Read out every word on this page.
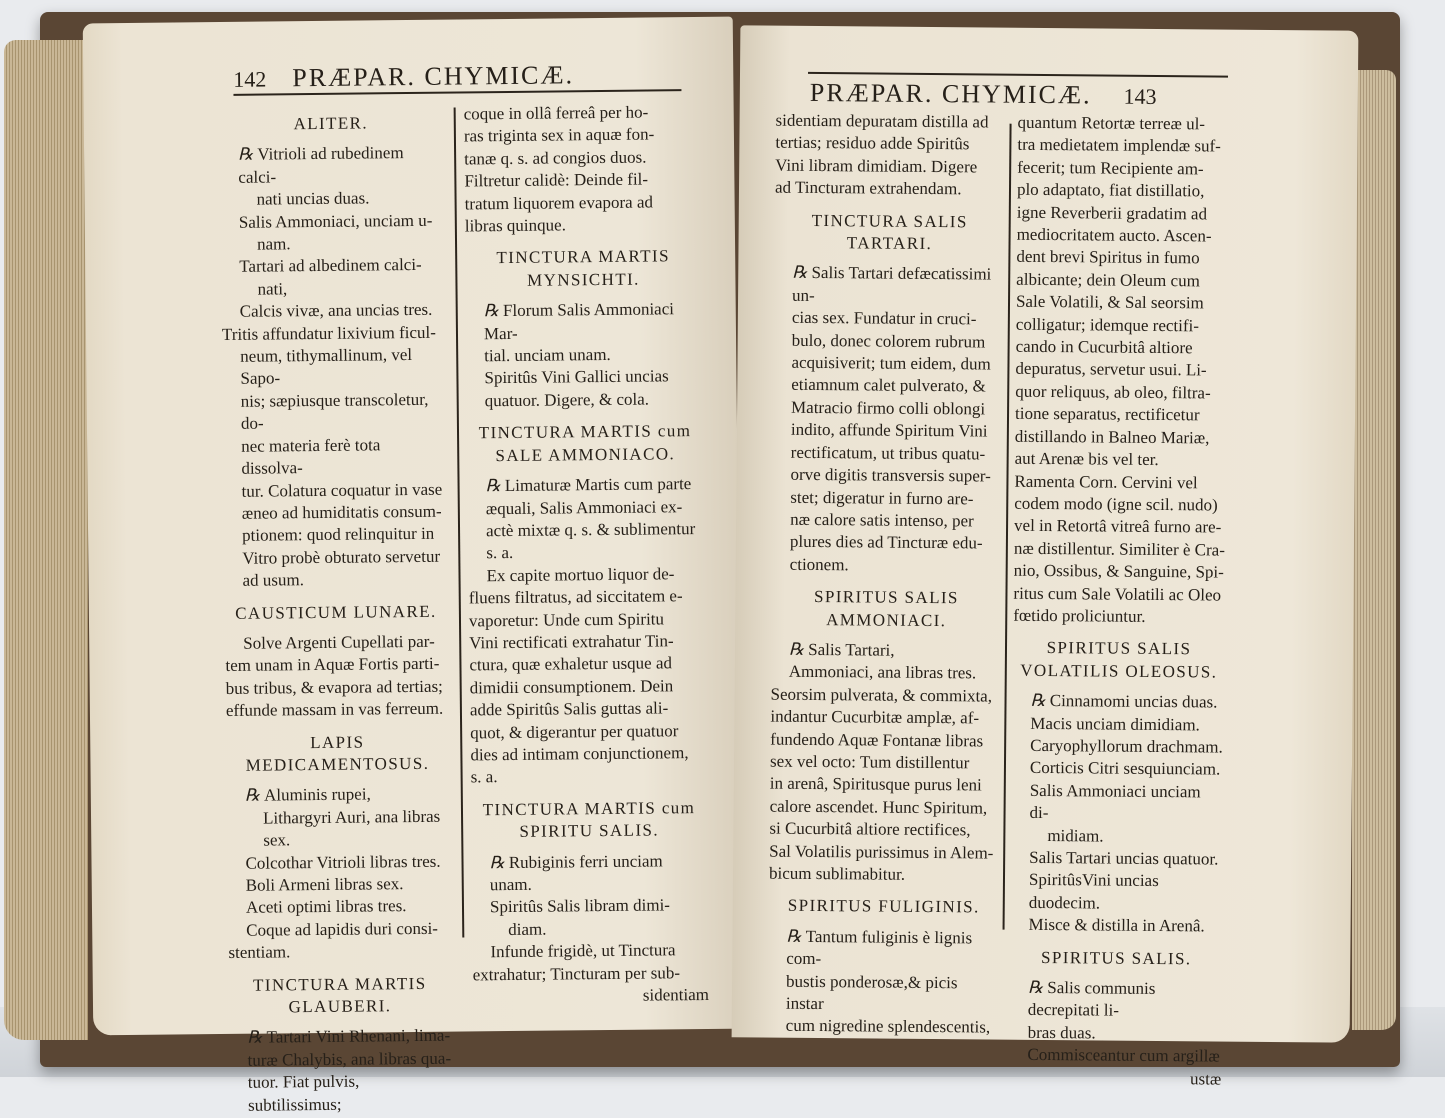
142 PRÆPAR. CHYMICÆ.

ALITER.

℞ Vitrioli ad rubedinem calci-

nati uncias duas.

Salis Ammoniaci, unciam u-

nam.

Tartari ad albedinem calci-

nati,

Calcis vivæ, ana uncias tres.

Tritis affundatur lixivium ficul-

neum, tithymallinum, vel Sapo-

nis; sæpiusque transcoletur, do-

nec materia ferè tota dissolva-

tur. Colatura coquatur in vase

æneo ad humiditatis consum-

ptionem: quod relinquitur in

Vitro probè obturato servetur

ad usum.

CAUSTICUM LUNARE.

Solve Argenti Cupellati par-

tem unam in Aquæ Fortis parti-

bus tribus, & evapora ad tertias;

effunde massam in vas ferreum.

LAPIS MEDICAMENTOSUS.

℞ Aluminis rupei,

Lithargyri Auri, ana libras

sex.

Colcothar Vitrioli libras tres.

Boli Armeni libras sex.

Aceti optimi libras tres.

Coque ad lapidis duri consi-

stentiam.

TINCTURA MARTIS GLAUBERI.

℞ Tartari Vini Rhenani, lima-

turæ Chalybis, ana libras qua-

tuor. Fiat pulvis, subtilissimus;

coque in ollâ ferreâ per ho-

ras triginta sex in aquæ fon-

tanæ q. s. ad congios duos.

Filtretur calidè: Deinde fil-

tratum liquorem evapora ad

libras quinque.

TINCTURA MARTIS MYNSICHTI.

℞ Florum Salis Ammoniaci Mar-

tial. unciam unam.

Spiritûs Vini Gallici uncias

quatuor. Digere, & cola.

TINCTURA MARTIS cum SALE AMMONIACO.

℞ Limaturæ Martis cum parte

æquali, Salis Ammoniaci ex-

actè mixtæ q. s. & sublimentur

s. a.

Ex capite mortuo liquor de-

fluens filtratus, ad siccitatem e-

vaporetur: Unde cum Spiritu

Vini rectificati extrahatur Tin-

ctura, quæ exhaletur usque ad

dimidii consumptionem. Dein

adde Spiritûs Salis guttas ali-

quot, & digerantur per quatuor

dies ad intimam conjunctionem,

s. a.

TINCTURA MARTIS cum SPIRITU SALIS.

℞ Rubiginis ferri unciam unam.

Spiritûs Salis libram dimi-

diam.

Infunde frigidè, ut Tinctura

extrahatur; Tincturam per sub-

sidentiam

PRÆPAR. CHYMICÆ. 143

sidentiam depuratam distilla ad

tertias; residuo adde Spiritûs

Vini libram dimidiam. Digere

ad Tincturam extrahendam.

TINCTURA SALIS TARTARI.

℞ Salis Tartari defæcatissimi un-

cias sex. Fundatur in cruci-

bulo, donec colorem rubrum

acquisiverit; tum eidem, dum

etiamnum calet pulverato, &

Matracio firmo colli oblongi

indito, affunde Spiritum Vini

rectificatum, ut tribus quatu-

orve digitis transversis super-

stet; digeratur in furno are-

næ calore satis intenso, per

plures dies ad Tincturæ edu-

ctionem.

SPIRITUS SALIS AMMONIACI.

℞ Salis Tartari,

Ammoniaci, ana libras tres.

Seorsim pulverata, & commixta,

indantur Cucurbitæ amplæ, af-

fundendo Aquæ Fontanæ libras

sex vel octo: Tum distillentur

in arenâ, Spiritusque purus leni

calore ascendet. Hunc Spiritum,

si Cucurbitâ altiore rectifices,

Sal Volatilis purissimus in Alem-

bicum sublimabitur.

SPIRITUS FULIGINIS.

℞ Tantum fuliginis è lignis com-

bustis ponderosæ,& picis instar

cum nigredine splendescentis,

quantum Retortæ terreæ ul-

tra medietatem implendæ suf-

fecerit; tum Recipiente am-

plo adaptato, fiat distillatio,

igne Reverberii gradatim ad

mediocritatem aucto. Ascen-

dent brevi Spiritus in fumo

albicante; dein Oleum cum

Sale Volatili, & Sal seorsim

colligatur; idemque rectifi-

cando in Cucurbitâ altiore

depuratus, servetur usui. Li-

quor reliquus, ab oleo, filtra-

tione separatus, rectificetur

distillando in Balneo Mariæ,

aut Arenæ bis vel ter.

Ramenta Corn. Cervini vel

codem modo (igne scil. nudo)

vel in Retortâ vitreâ furno are-

næ distillentur. Similiter è Cra-

nio, Ossibus, & Sanguine, Spi-

ritus cum Sale Volatili ac Oleo

fœtido proliciuntur.

SPIRITUS SALIS VOLATILIS OLEOSUS.

℞ Cinnamomi uncias duas.

Macis unciam dimidiam.

Caryophyllorum drachmam.

Corticis Citri sesquiunciam.

Salis Ammoniaci unciam di-

midiam.

Salis Tartari uncias quatuor.

SpiritûsVini uncias duodecim.

Misce & distilla in Arenâ.

SPIRITUS SALIS.

℞ Salis communis decrepitati li-

bras duas.

Commisceantur cum argillæ

ustæ
